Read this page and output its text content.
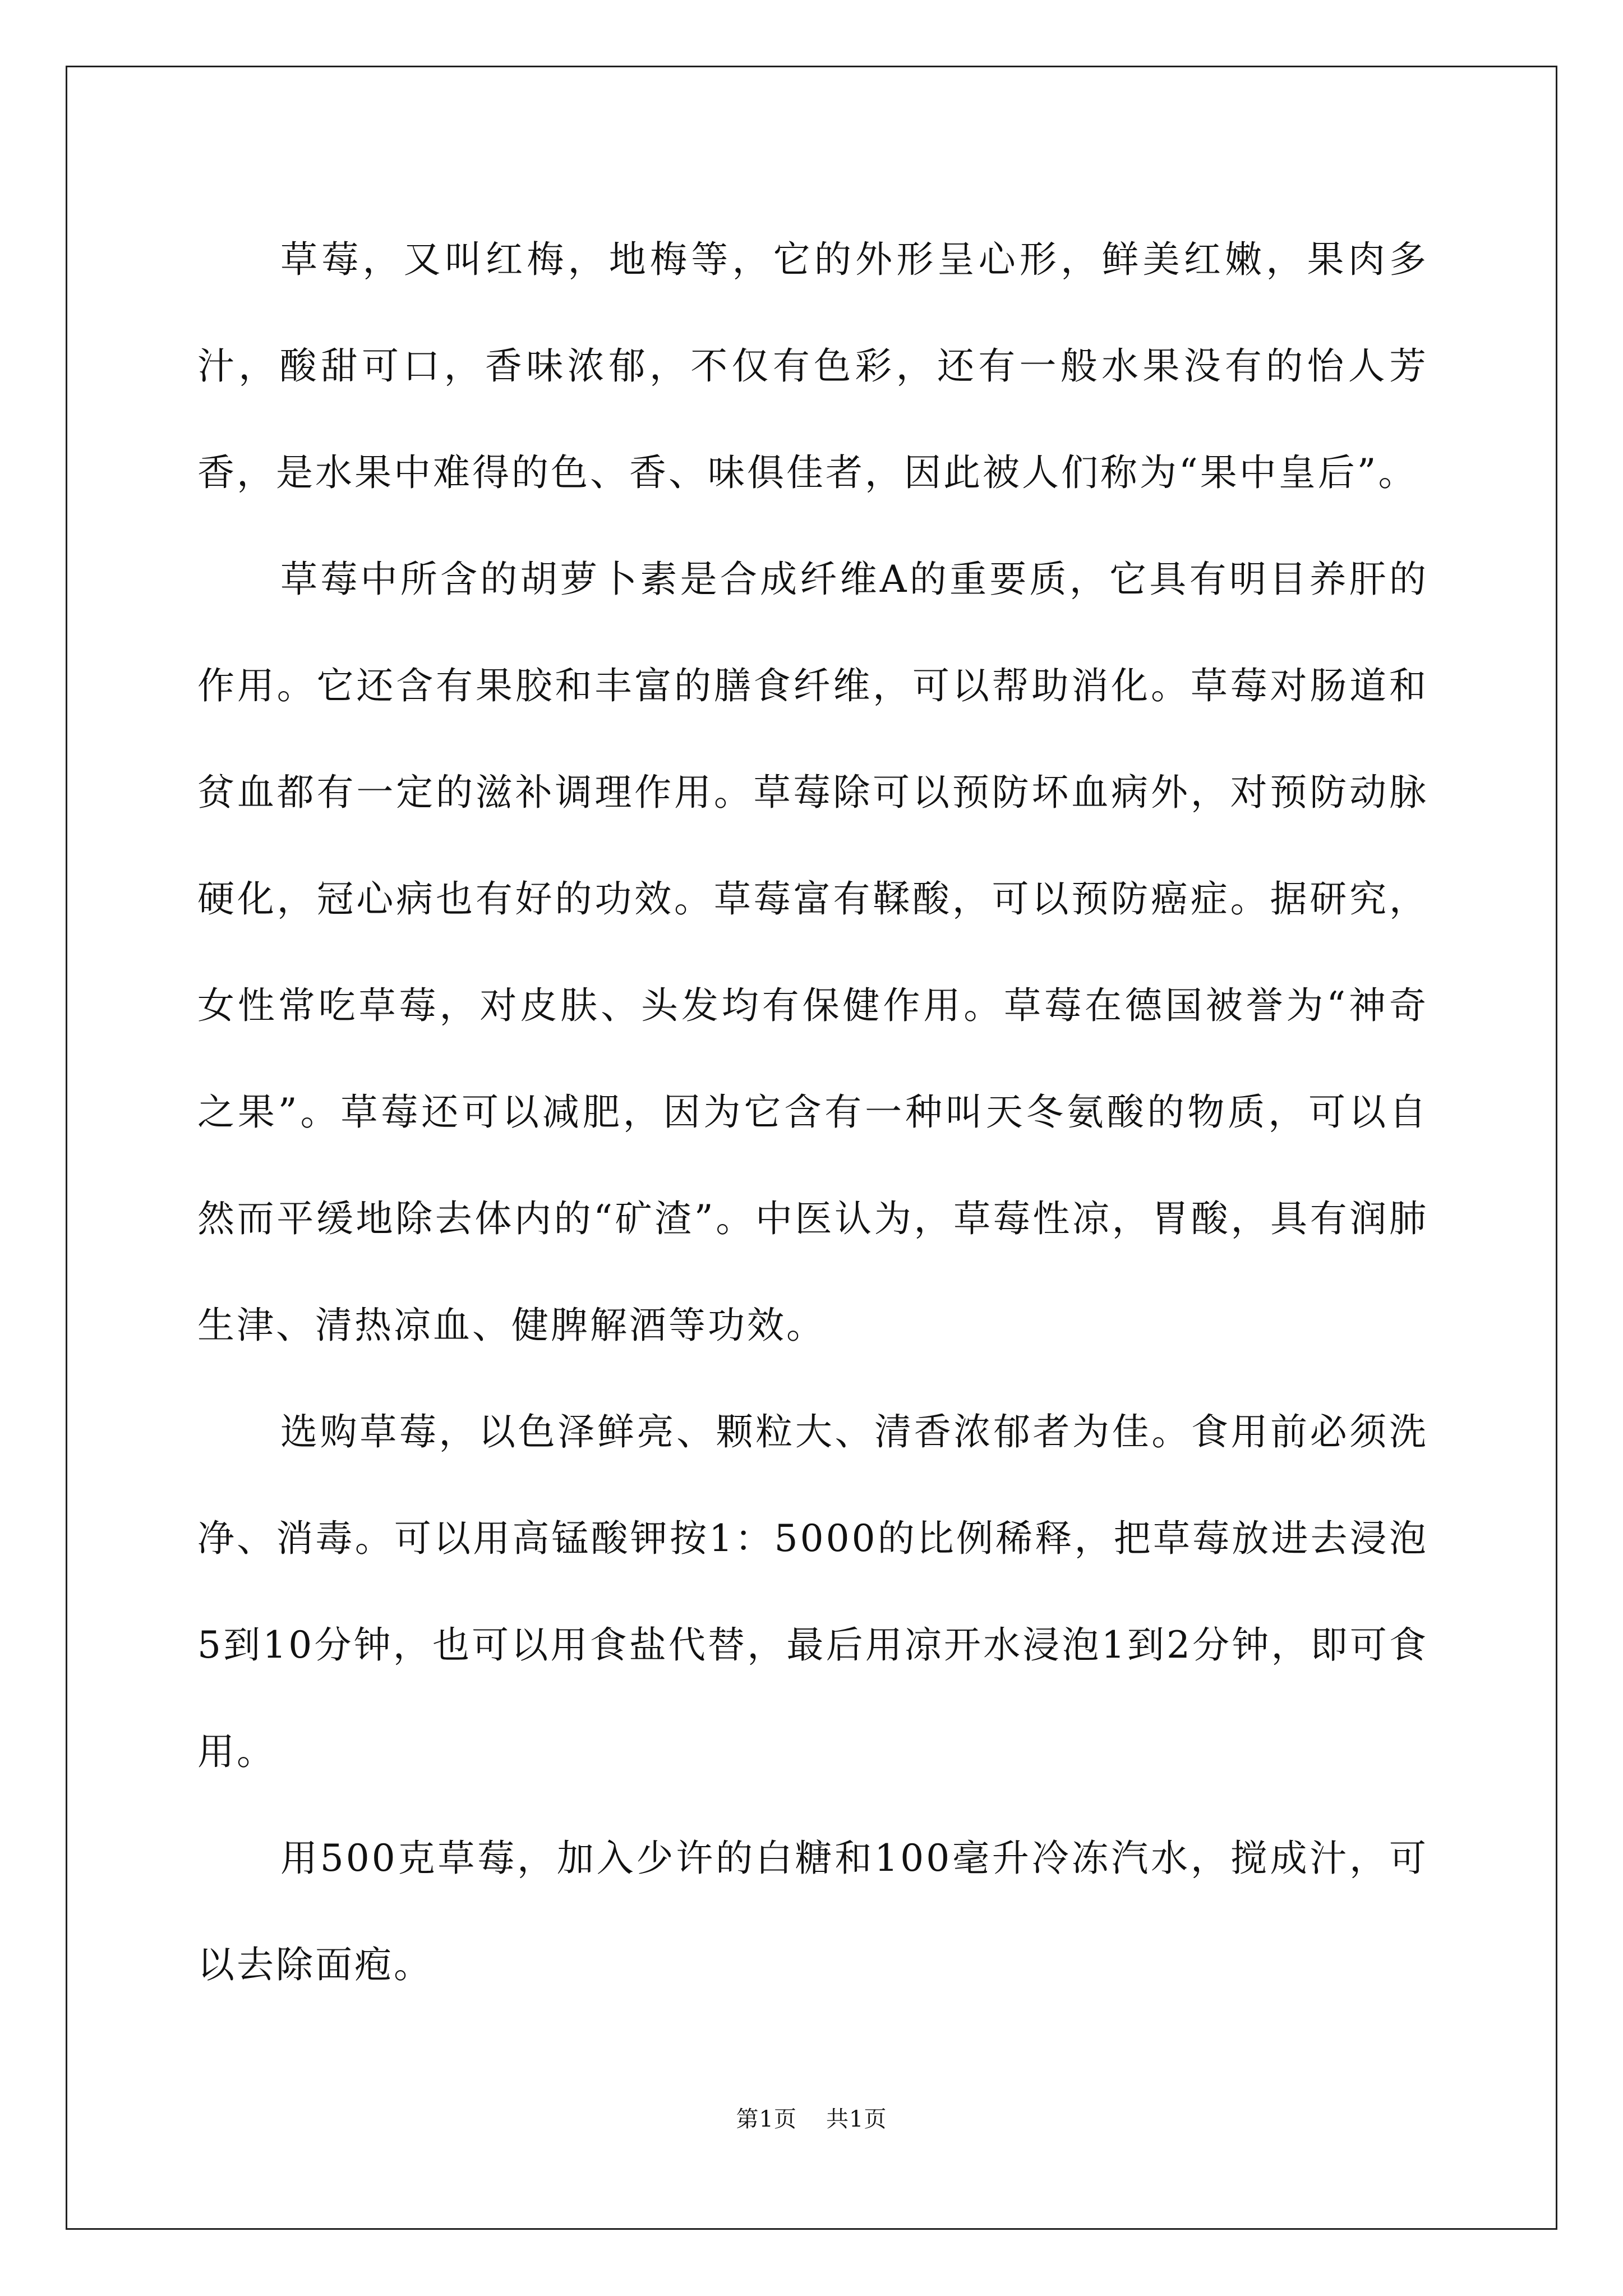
草莓，又叫红梅，地梅等，它的外形呈心形，鲜美红嫩，果肉多汁，酸甜可口，香味浓郁，不仅有色彩，还有一般水果没有的怡人芳香，是水果中难得的色、香、味俱佳者，因此被人们称为“果中皇后”。

草莓中所含的胡萝卜素是合成纤维A的重要质，它具有明目养肝的作用。它还含有果胶和丰富的膳食纤维，可以帮助消化。草莓对肠道和贫血都有一定的滋补调理作用。草莓除可以预防坏血病外，对预防动脉硬化，冠心病也有好的功效。草莓富有鞣酸，可以预防癌症。据研究，女性常吃草莓，对皮肤、头发均有保健作用。草莓在德国被誉为“神奇之果”。草莓还可以减肥，因为它含有一种叫天冬氨酸的物质，可以自然而平缓地除去体内的“矿渣”。中医认为，草莓性凉，胃酸，具有润肺生津、清热凉血、健脾解酒等功效。

选购草莓，以色泽鲜亮、颗粒大、清香浓郁者为佳。食用前必须洗净、消毒。可以用高锰酸钾按1：5000的比例稀释，把草莓放进去浸泡5到10分钟，也可以用食盐代替，最后用凉开水浸泡1到2分钟，即可食用。

用500克草莓，加入少许的白糖和100毫升冷冻汽水，搅成汁，可以去除面疱。

第1页 共1页
